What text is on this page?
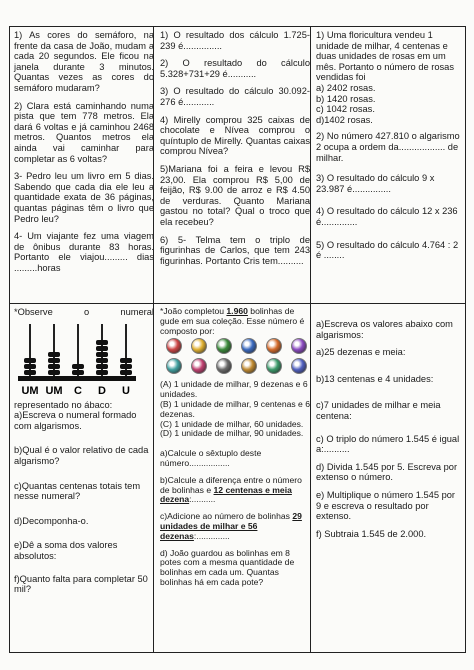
1) As cores do semáforo, na frente da casa de João, mudam a cada 20 segundos. Ele ficou na janela durante 3 minutos. Quantas vezes as cores do semáforo mudaram?

2) Clara está caminhando numa pista que tem 778 metros. Ela dará 6 voltas e já caminhou 2468 metros. Quantos metros ela ainda vai caminhar para completar as 6 voltas?

3- Pedro leu um livro em 5 dias. Sabendo que cada dia ele leu a quantidade exata de 36 páginas, quantas páginas têm o livro que Pedro leu?

4- Um viajante fez uma viagem de ônibus durante 83 horas. Portanto ele viajou......... dias .........horas

1) O resultado dos cálculo 1.725-239 é...............

2) O resultado do cálculo 5.328+731+29 é...........

3) O resultado do cálculo 30.092-276 é............

4) Mirelly comprou 325 caixas de chocolate e Nívea comprou o quíntuplo de Mirelly. Quantas caixas comprou Nívea?

5)Mariana foi a feira e levou R$ 23,00. Ela comprou R$ 5,00 de feijão, R$ 9.00 de arroz e R$ 4.50 de verduras. Quanto Mariana gastou no total? Qual o troco que ela recebeu?

6) 5- Telma tem o triplo de figurinhas de Carlos, que tem 243 figurinhas. Portanto Cris tem..........

1) Uma floricultura vendeu 1 unidade de milhar, 4 centenas e duas unidades de rosas em um mês. Portanto o número de rosas vendidas foi

a) 2402 rosas.
b) 1420 rosas.
c) 1042 rosas.
d)1402 rosas.

2) No número 427.810 o algarismo 2 ocupa a ordem da.................. de milhar.

3) O resultado do cálculo 9 x 23.987 é...............

4) O resultado do cálculo 12 x 236 é..............

5) O resultado do cálculo 4.764 : 2 é ........

*Observe o numeral
UM UM C D U
representado no ábaco:

a)Escreva o numeral formado com algarismos.

b)Qual é o valor relativo de cada algarismo?

c)Quantas centenas totais tem nesse numeral?

d)Decomponha-o.

e)Dê a soma dos valores absolutos:

f)Quanto falta para completar 50 mil?

*João completou 1.960 bolinhas de gude em sua coleção. Esse número é composto por:
(A) 1 unidade de milhar, 9 dezenas e 6 unidades.
(B) 1 unidade de milhar, 9 centenas e 6 dezenas.
(C) 1 unidade de milhar, 60 unidades.
(D) 1 unidade de milhar, 90 unidades.

a)Calcule o sêxtuplo deste número.................

b)Calcule a diferença entre o número de bolinhas e 12 centenas e meia dezena:..........

c)Adicione ao número de bolinhas 29 unidades de milhar e 56 dezenas:..............

d) João guardou as bolinhas em 8 potes com a mesma quantidade de bolinhas em cada um. Quantas bolinhas há em cada pote?

a)Escreva os valores abaixo com algarismos:

a)25 dezenas e meia:

b)13 centenas e 4 unidades:

c)7 unidades de milhar e meia centena:

c) O triplo do número 1.545 é igual a:..........

d) Divida 1.545 por 5. Escreva por extenso o número.

e) Multiplique o número 1.545 por 9 e escreva o resultado por extenso.

f) Subtraia 1.545 de 2.000.
